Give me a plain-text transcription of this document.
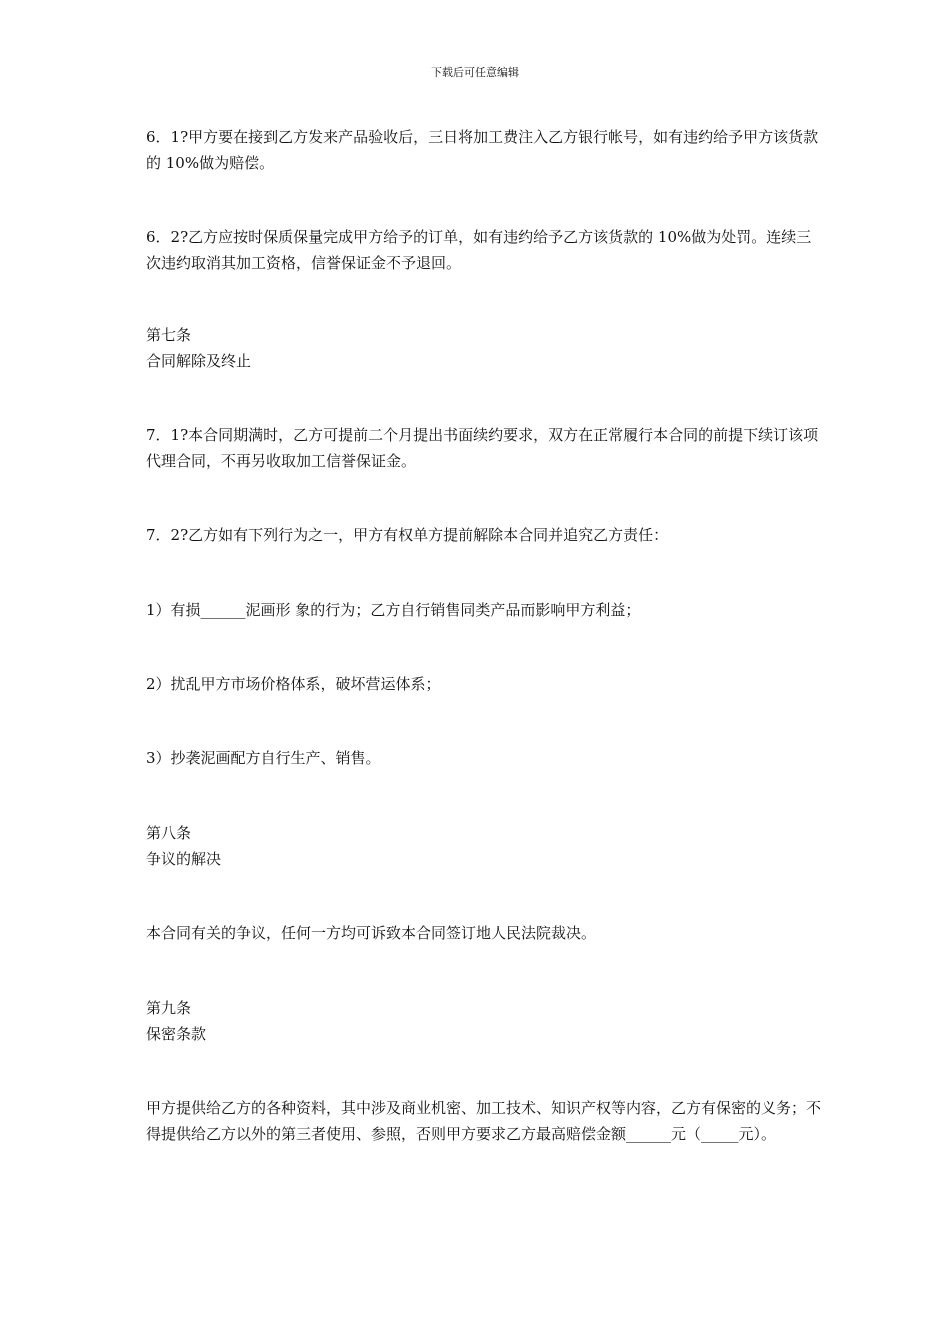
下载后可任意编辑
6．1?甲方要在接到乙方发来产品验收后，三日将加工费注入乙方银行帐号，如有违约给予甲方该货款的 10%做为赔偿。
6．2?乙方应按时保质保量完成甲方给予的订单，如有违约给予乙方该货款的 10%做为处罚。连续三次违约取消其加工资格，信誉保证金不予退回。
第七条
合同解除及终止
7．1?本合同期满时，乙方可提前二个月提出书面续约要求，双方在正常履行本合同的前提下续订该项代理合同，不再另收取加工信誉保证金。
7．2?乙方如有下列行为之一，甲方有权单方提前解除本合同并追究乙方责任：
1）有损______泥画形 象的行为；乙方自行销售同类产品而影响甲方利益；
2）扰乱甲方市场价格体系，破坏营运体系；
3）抄袭泥画配方自行生产、销售。
第八条
争议的解决
本合同有关的争议，任何一方均可诉致本合同签订地人民法院裁决。
第九条
保密条款
甲方提供给乙方的各种资料，其中涉及商业机密、加工技术、知识产权等内容，乙方有保密的义务；不得提供给乙方以外的第三者使用、参照，否则甲方要求乙方最高赔偿金额______元（_____元）。
